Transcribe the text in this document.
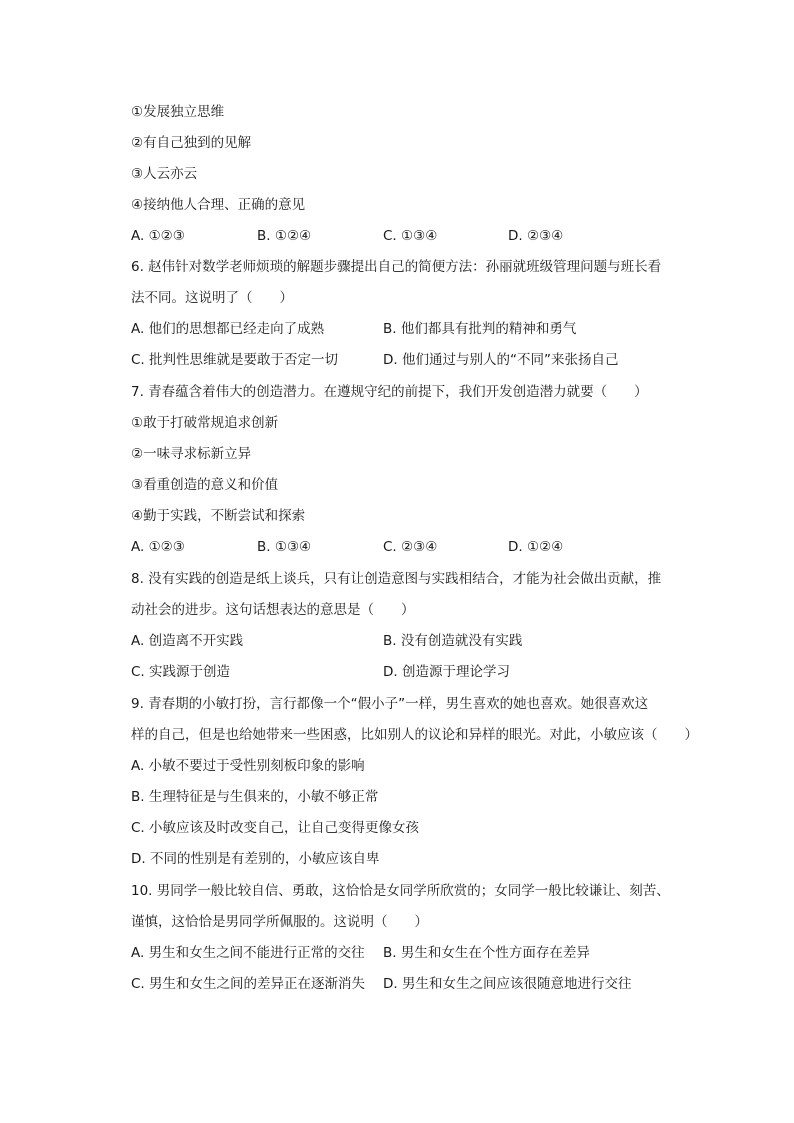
①发展独立思维
②有自己独到的见解
③人云亦云
④接纳他人合理、正确的意见
A. ①②③	B. ①②④	C. ①③④	D. ②③④
6. 赵伟针对数学老师烦琐的解题步骤提出自己的简便方法：孙丽就班级管理问题与班长看
法不同。这说明了（　　）
A. 他们的思想都已经走向了成熟	B. 他们都具有批判的精神和勇气
C. 批判性思维就是要敢于否定一切	D. 他们通过与别人的“不同”来张扬自己
7. 青春蕴含着伟大的创造潜力。在遵规守纪的前提下，我们开发创造潜力就要（　　）
①敢于打破常规追求创新
②一味寻求标新立异
③看重创造的意义和价值
④勤于实践，不断尝试和探索
A. ①②③	B. ①③④	C. ②③④	D. ①②④
8. 没有实践的创造是纸上谈兵，只有让创造意图与实践相结合，才能为社会做出贡献，推
动社会的进步。这句话想表达的意思是（　　）
A. 创造离不开实践	B. 没有创造就没有实践
C. 实践源于创造	D. 创造源于理论学习
9. 青春期的小敏打扮，言行都像一个“假小子”一样，男生喜欢的她也喜欢。她很喜欢这
样的自己，但是也给她带来一些困惑，比如别人的议论和异样的眼光。对此，小敏应该（　　）
A. 小敏不要过于受性别刻板印象的影响
B. 生理特征是与生俱来的，小敏不够正常
C. 小敏应该及时改变自己，让自己变得更像女孩
D. 不同的性别是有差别的，小敏应该自卑
10. 男同学一般比较自信、勇敢，这恰恰是女同学所欣赏的；女同学一般比较谦让、刻苦、
谨慎，这恰恰是男同学所佩服的。这说明（　　）
A. 男生和女生之间不能进行正常的交往 B. 男生和女生在个性方面存在差异
C. 男生和女生之间的差异正在逐渐消失 D. 男生和女生之间应该很随意地进行交往
